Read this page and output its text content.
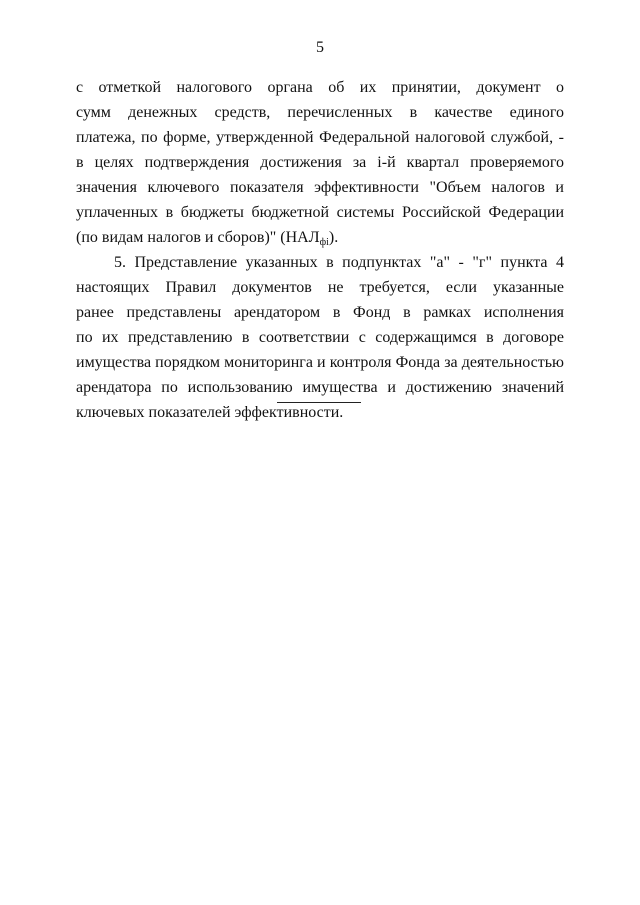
5
с отметкой налогового органа об их принятии, документ о
сумм денежных средств, перечисленных в качестве единого
платежа, по форме, утвержденной Федеральной налоговой службой, -
в целях подтверждения достижения за i-й квартал проверяемого
значения ключевого показателя эффективности "Объем налогов и
уплаченных в бюджеты бюджетной системы Российской Федерации
(по видам налогов и сборов)" $(НАЛ_{фi})$.
5. Представление указанных в подпунктах "а" - "г" пункта 4
настоящих Правил документов не требуется, если указанные
ранее представлены арендатором в Фонд в рамках исполнения
по их представлению в соответствии с содержащимся в договоре
имущества порядком мониторинга и контроля Фонда за деятельностью
арендатора по использованию имущества и достижению значений
ключевых показателей эффективности.
